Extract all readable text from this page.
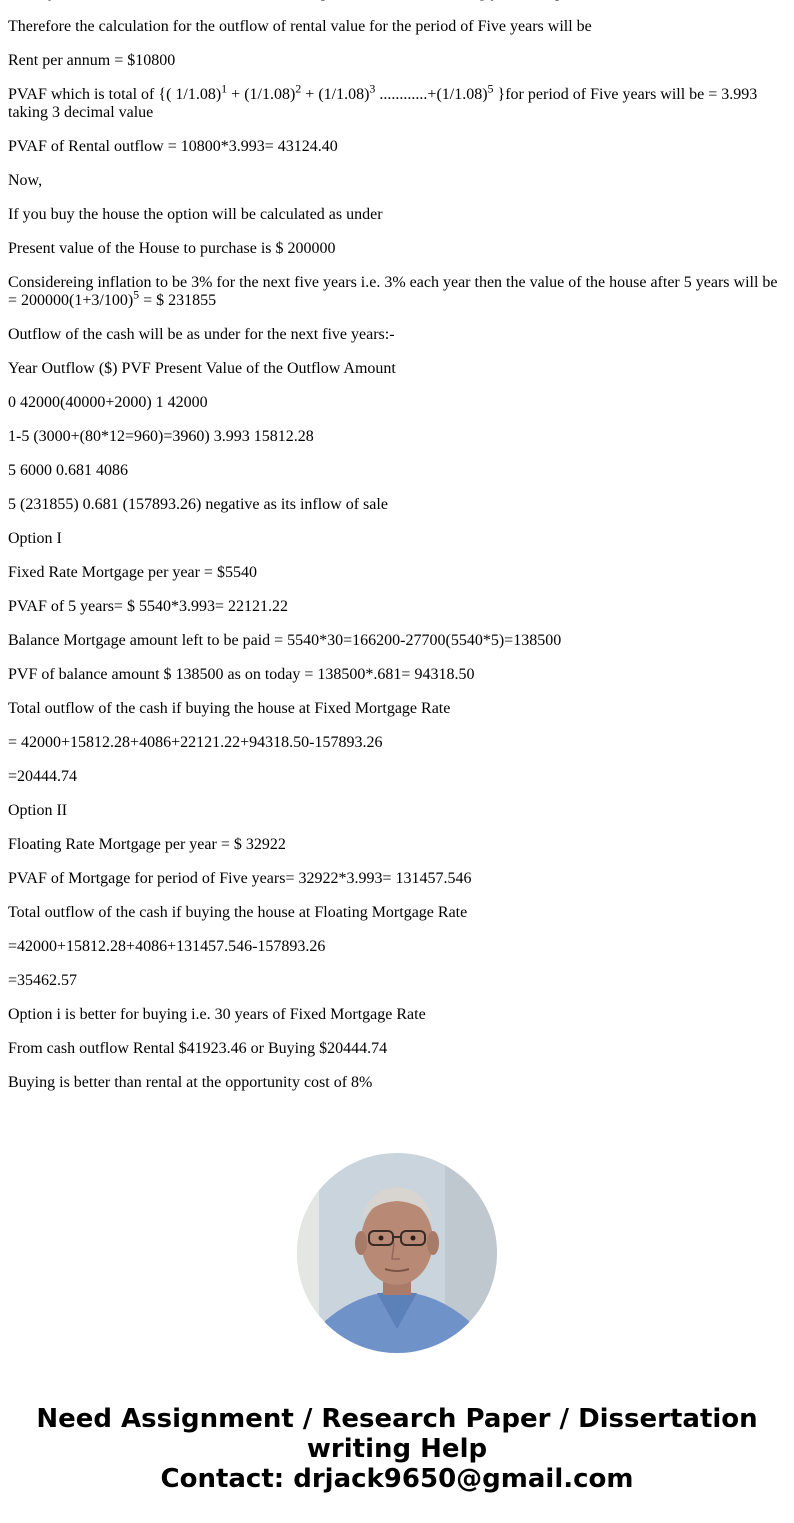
Therefore the calculation for the outflow of rental value for the period of Five years will be

Rent per annum = $10800

PVAF which is total of {( $1/1.08)^1 + (1/1.08)^2 + (1/1.08)^3$ $............+(1/1.08)^5$ }for period of Five years will be = 3.993 taking 3 decimal value

PVAF of Rental outflow = 10800*3.993= 43124.40

Now,

If you buy the house the option will be calculated as under

Present value of the House to purchase is $ 200000

Considereing inflation to be 3% for the next five years i.e. 3% each year then the value of the house after 5 years will be = $200000(1+3/100)^5$ = $ 231855

Outflow of the cash will be as under for the next five years:-

Year Outflow ($) PVF Present Value of the Outflow Amount

0 42000(40000+2000) 1 42000

1-5 (3000+(80*12=960)=3960) 3.993 15812.28

5 6000 0.681 4086

5 (231855) 0.681 (157893.26) negative as its inflow of sale

Option I

Fixed Rate Mortgage per year = $5540

PVAF of 5 years= $ 5540*3.993= 22121.22

Balance Mortgage amount left to be paid = 5540*30=166200-27700(5540*5)=138500

PVF of balance amount $ 138500 as on today = 138500*.681= 94318.50

Total outflow of the cash if buying the house at Fixed Mortgage Rate

= 42000+15812.28+4086+22121.22+94318.50-157893.26

=20444.74

Option II

Floating Rate Mortgage per year = $ 32922

PVAF of Mortgage for period of Five years= 32922*3.993= 131457.546

Total outflow of the cash if buying the house at Floating Mortgage Rate

=42000+15812.28+4086+131457.546-157893.26

=35462.57

Option i is better for buying i.e. 30 years of Fixed Mortgage Rate

From cash outflow Rental $41923.46 or Buying $20444.74

Buying is better than rental at the opportunity cost of 8%

Need Assignment / Research Paper / Dissertation
writing Help
Contact: drjack9650@gmail.com
